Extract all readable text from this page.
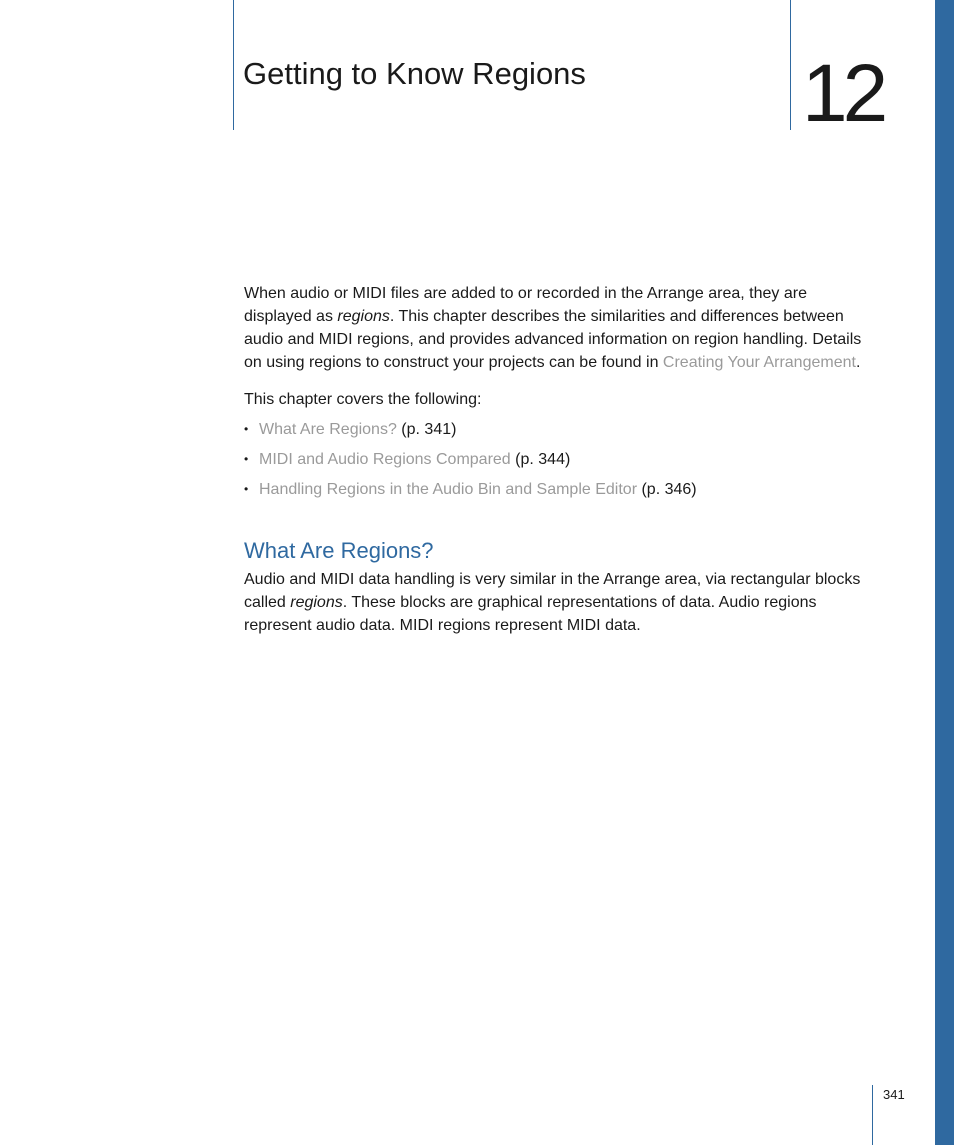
Getting to Know Regions	12

When audio or MIDI files are added to or recorded in the Arrange area, they are displayed as regions. This chapter describes the similarities and differences between audio and MIDI regions, and provides advanced information on region handling. Details on using regions to construct your projects can be found in Creating Your Arrangement.

This chapter covers the following:

• What Are Regions? (p. 341)
• MIDI and Audio Regions Compared (p. 344)
• Handling Regions in the Audio Bin and Sample Editor (p. 346)
What Are Regions?

Audio and MIDI data handling is very similar in the Arrange area, via rectangular blocks called regions. These blocks are graphical representations of data. Audio regions represent audio data. MIDI regions represent MIDI data.

341
